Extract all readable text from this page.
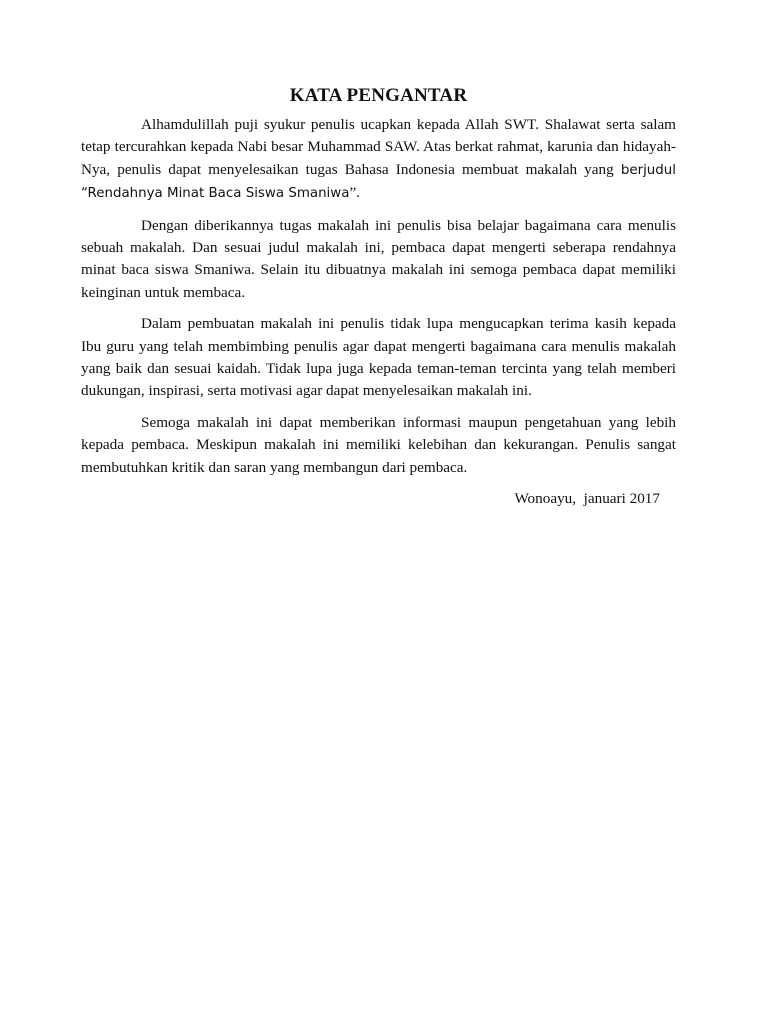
KATA PENGANTAR

Alhamdulillah puji syukur penulis ucapkan kepada Allah SWT. Shalawat serta salam tetap tercurahkan kepada Nabi besar Muhammad SAW. Atas berkat rahmat, karunia dan hidayah-Nya, penulis dapat menyelesaikan tugas Bahasa Indonesia membuat makalah yang berjudul “Rendahnya Minat Baca Siswa Smaniwa”.

Dengan diberikannya tugas makalah ini penulis bisa belajar bagaimana cara menulis sebuah makalah. Dan sesuai judul makalah ini, pembaca dapat mengerti seberapa rendahnya minat baca siswa Smaniwa. Selain itu dibuatnya makalah ini semoga pembaca dapat memiliki keinginan untuk membaca.

Dalam pembuatan makalah ini penulis tidak lupa mengucapkan terima kasih kepada Ibu guru yang telah membimbing penulis agar dapat mengerti bagaimana cara menulis makalah yang baik dan sesuai kaidah. Tidak lupa juga kepada teman-teman tercinta yang telah memberi dukungan, inspirasi, serta motivasi agar dapat menyelesaikan makalah ini.

Semoga makalah ini dapat memberikan informasi maupun pengetahuan yang lebih kepada pembaca. Meskipun makalah ini memiliki kelebihan dan kekurangan. Penulis sangat membutuhkan kritik dan saran yang membangun dari pembaca.

Wonoayu,  januari 2017
